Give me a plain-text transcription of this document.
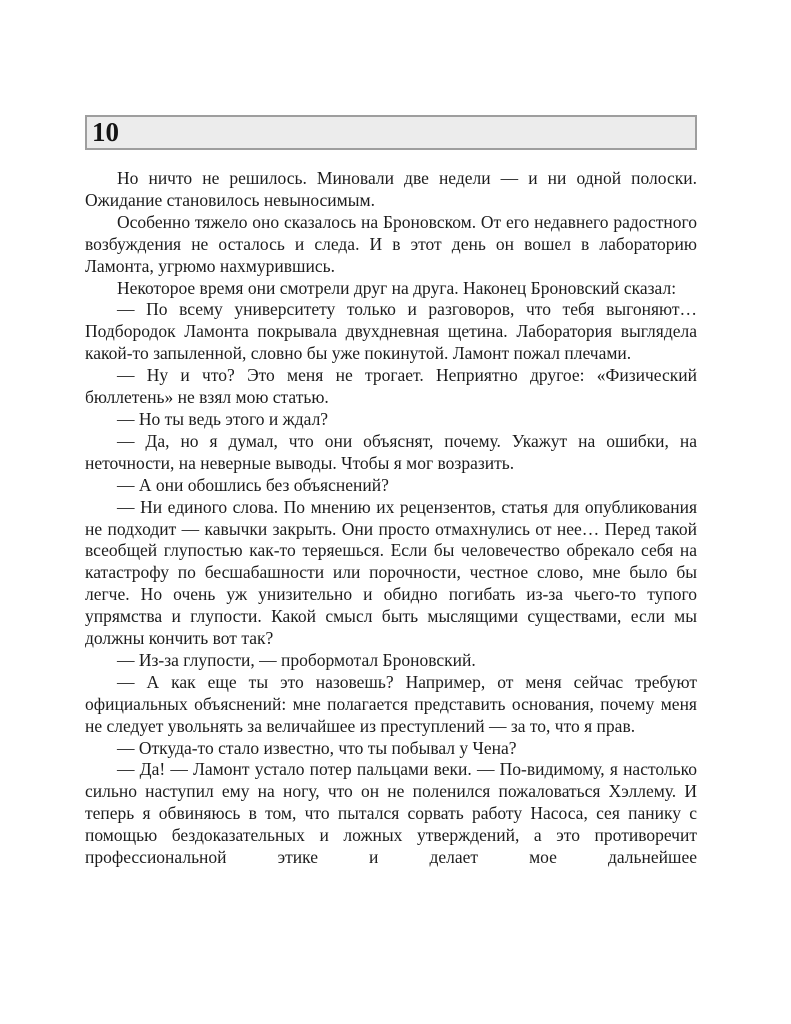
10

Но ничто не решилось. Миновали две недели — и ни одной полоски. Ожидание становилось невыносимым.

Особенно тяжело оно сказалось на Броновском. От его недавнего радостного возбуждения не осталось и следа. И в этот день он вошел в лабораторию Ламонта, угрюмо нахмурившись.

Некоторое время они смотрели друг на друга. Наконец Броновский сказал:

— По всему университету только и разговоров, что тебя выгоняют… Подбородок Ламонта покрывала двухдневная щетина. Лаборатория выглядела какой-то запыленной, словно бы уже покинутой. Ламонт пожал плечами.

— Ну и что? Это меня не трогает. Неприятно другое: «Физический бюллетень» не взял мою статью.

— Но ты ведь этого и ждал?

— Да, но я думал, что они объяснят, почему. Укажут на ошибки, на неточности, на неверные выводы. Чтобы я мог возразить.

— А они обошлись без объяснений?

— Ни единого слова. По мнению их рецензентов, статья для опубликования не подходит — кавычки закрыть. Они просто отмахнулись от нее… Перед такой всеобщей глупостью как-то теряешься. Если бы человечество обрекало себя на катастрофу по бесшабашности или порочности, честное слово, мне было бы легче. Но очень уж унизительно и обидно погибать из-за чьего-то тупого упрямства и глупости. Какой смысл быть мыслящими существами, если мы должны кончить вот так?

— Из-за глупости, — пробормотал Броновский.

— А как еще ты это назовешь? Например, от меня сейчас требуют официальных объяснений: мне полагается представить основания, почему меня не следует увольнять за величайшее из преступлений — за то, что я прав.

— Откуда-то стало известно, что ты побывал у Чена?

— Да! — Ламонт устало потер пальцами веки. — По-видимому, я настолько сильно наступил ему на ногу, что он не поленился пожаловаться Хэллему. И теперь я обвиняюсь в том, что пытался сорвать работу Насоса, сея панику с помощью бездоказательных и ложных утверждений, а это противоречит профессиональной этике и делает мое дальнейшее
